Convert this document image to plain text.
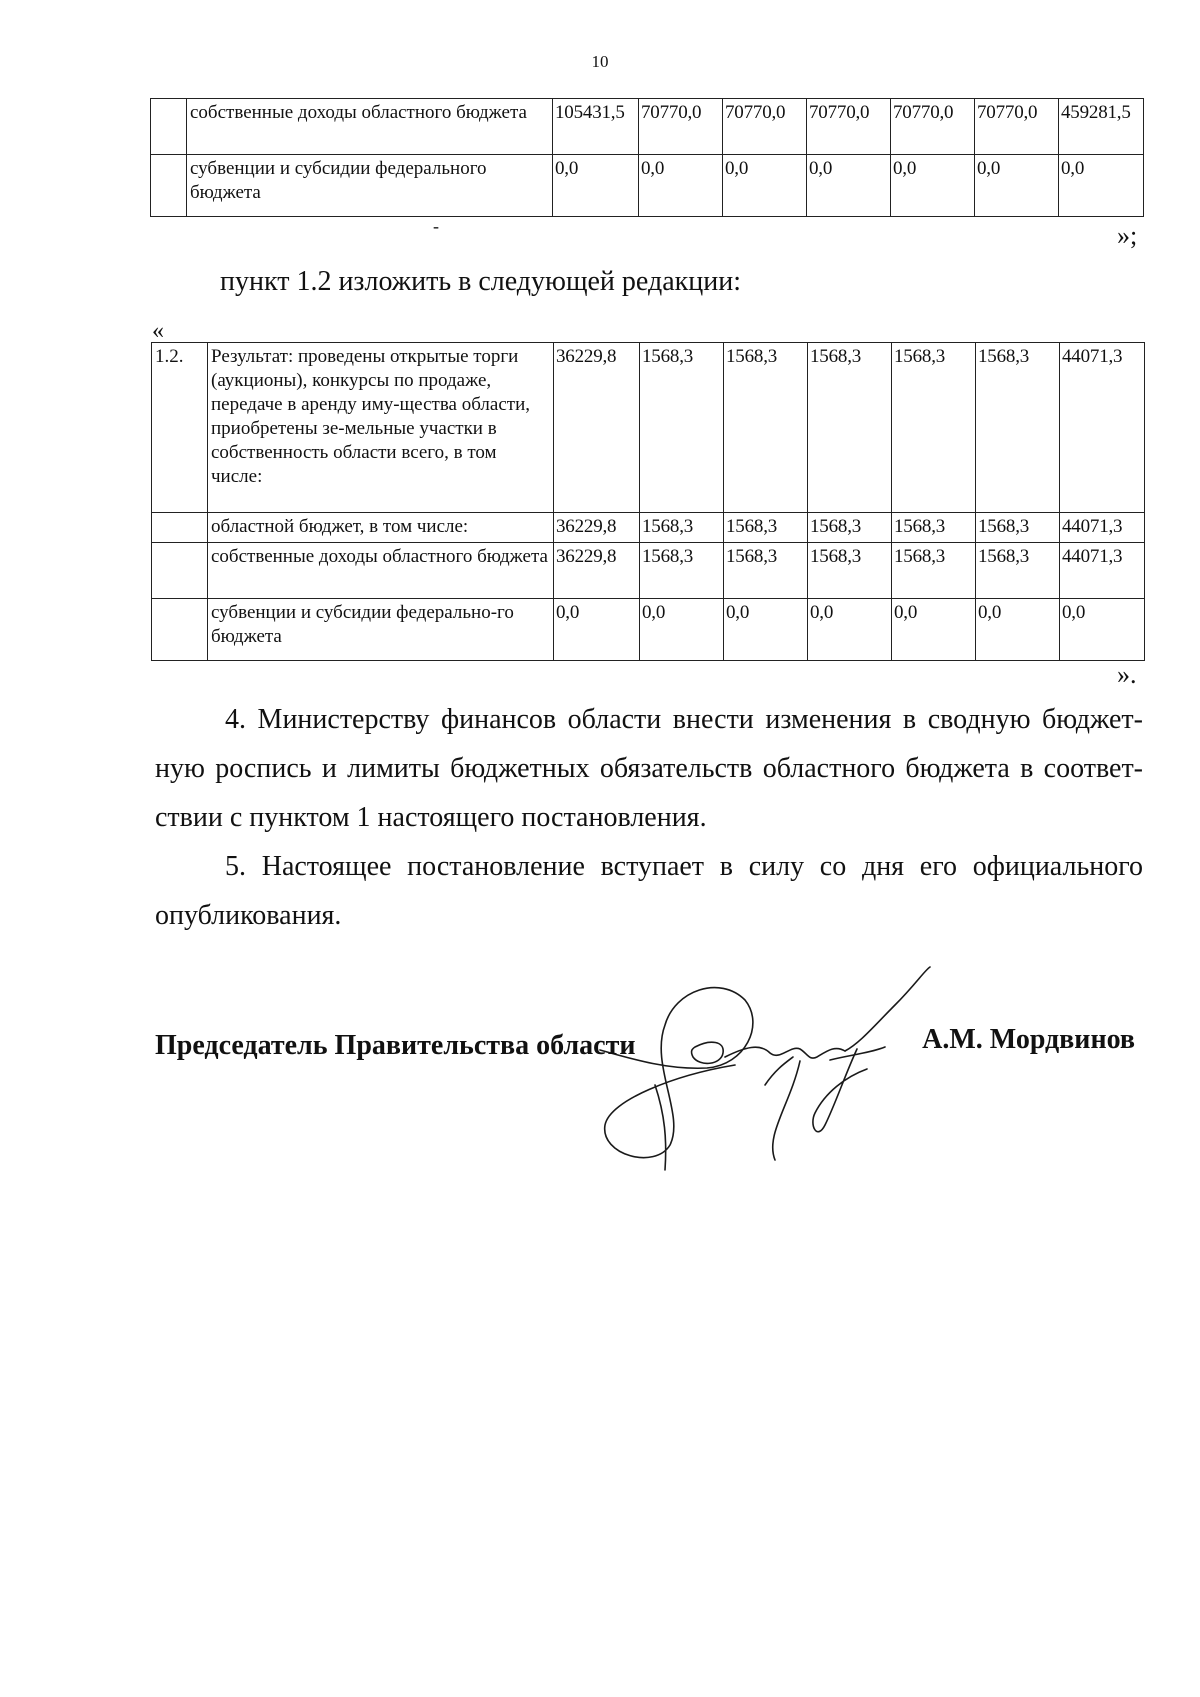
10
	собственные доходы областного бюджета	105431,5	70770,0	70770,0	70770,0	70770,0	70770,0	459281,5
	субвенции и субсидии федерального бюджета	0,0	0,0	0,0	0,0	0,0	0,0	0,0
-	»;
пункт 1.2 изложить в следующей редакции:
«
1.2.	Результат: проведены открытые торги (аукционы), конкурсы по продаже, передаче в аренду иму-щества области, приобретены зе-мельные участки в собственность области всего, в том числе:	36229,8	1568,3	1568,3	1568,3	1568,3	1568,3	44071,3
	областной бюджет, в том числе:	36229,8	1568,3	1568,3	1568,3	1568,3	1568,3	44071,3
	собственные доходы областного бюджета	36229,8	1568,3	1568,3	1568,3	1568,3	1568,3	44071,3
	субвенции и субсидии федерально-го бюджета	0,0	0,0	0,0	0,0	0,0	0,0	0,0
».

4. Министерству финансов области внести изменения в сводную бюджет-ную роспись и лимиты бюджетных обязательств областного бюджета в соответ-ствии с пунктом 1 настоящего постановления.

5. Настоящее постановление вступает в силу со дня его официального опубликования.

Председатель Правительства области	А.М. Мордвинов
